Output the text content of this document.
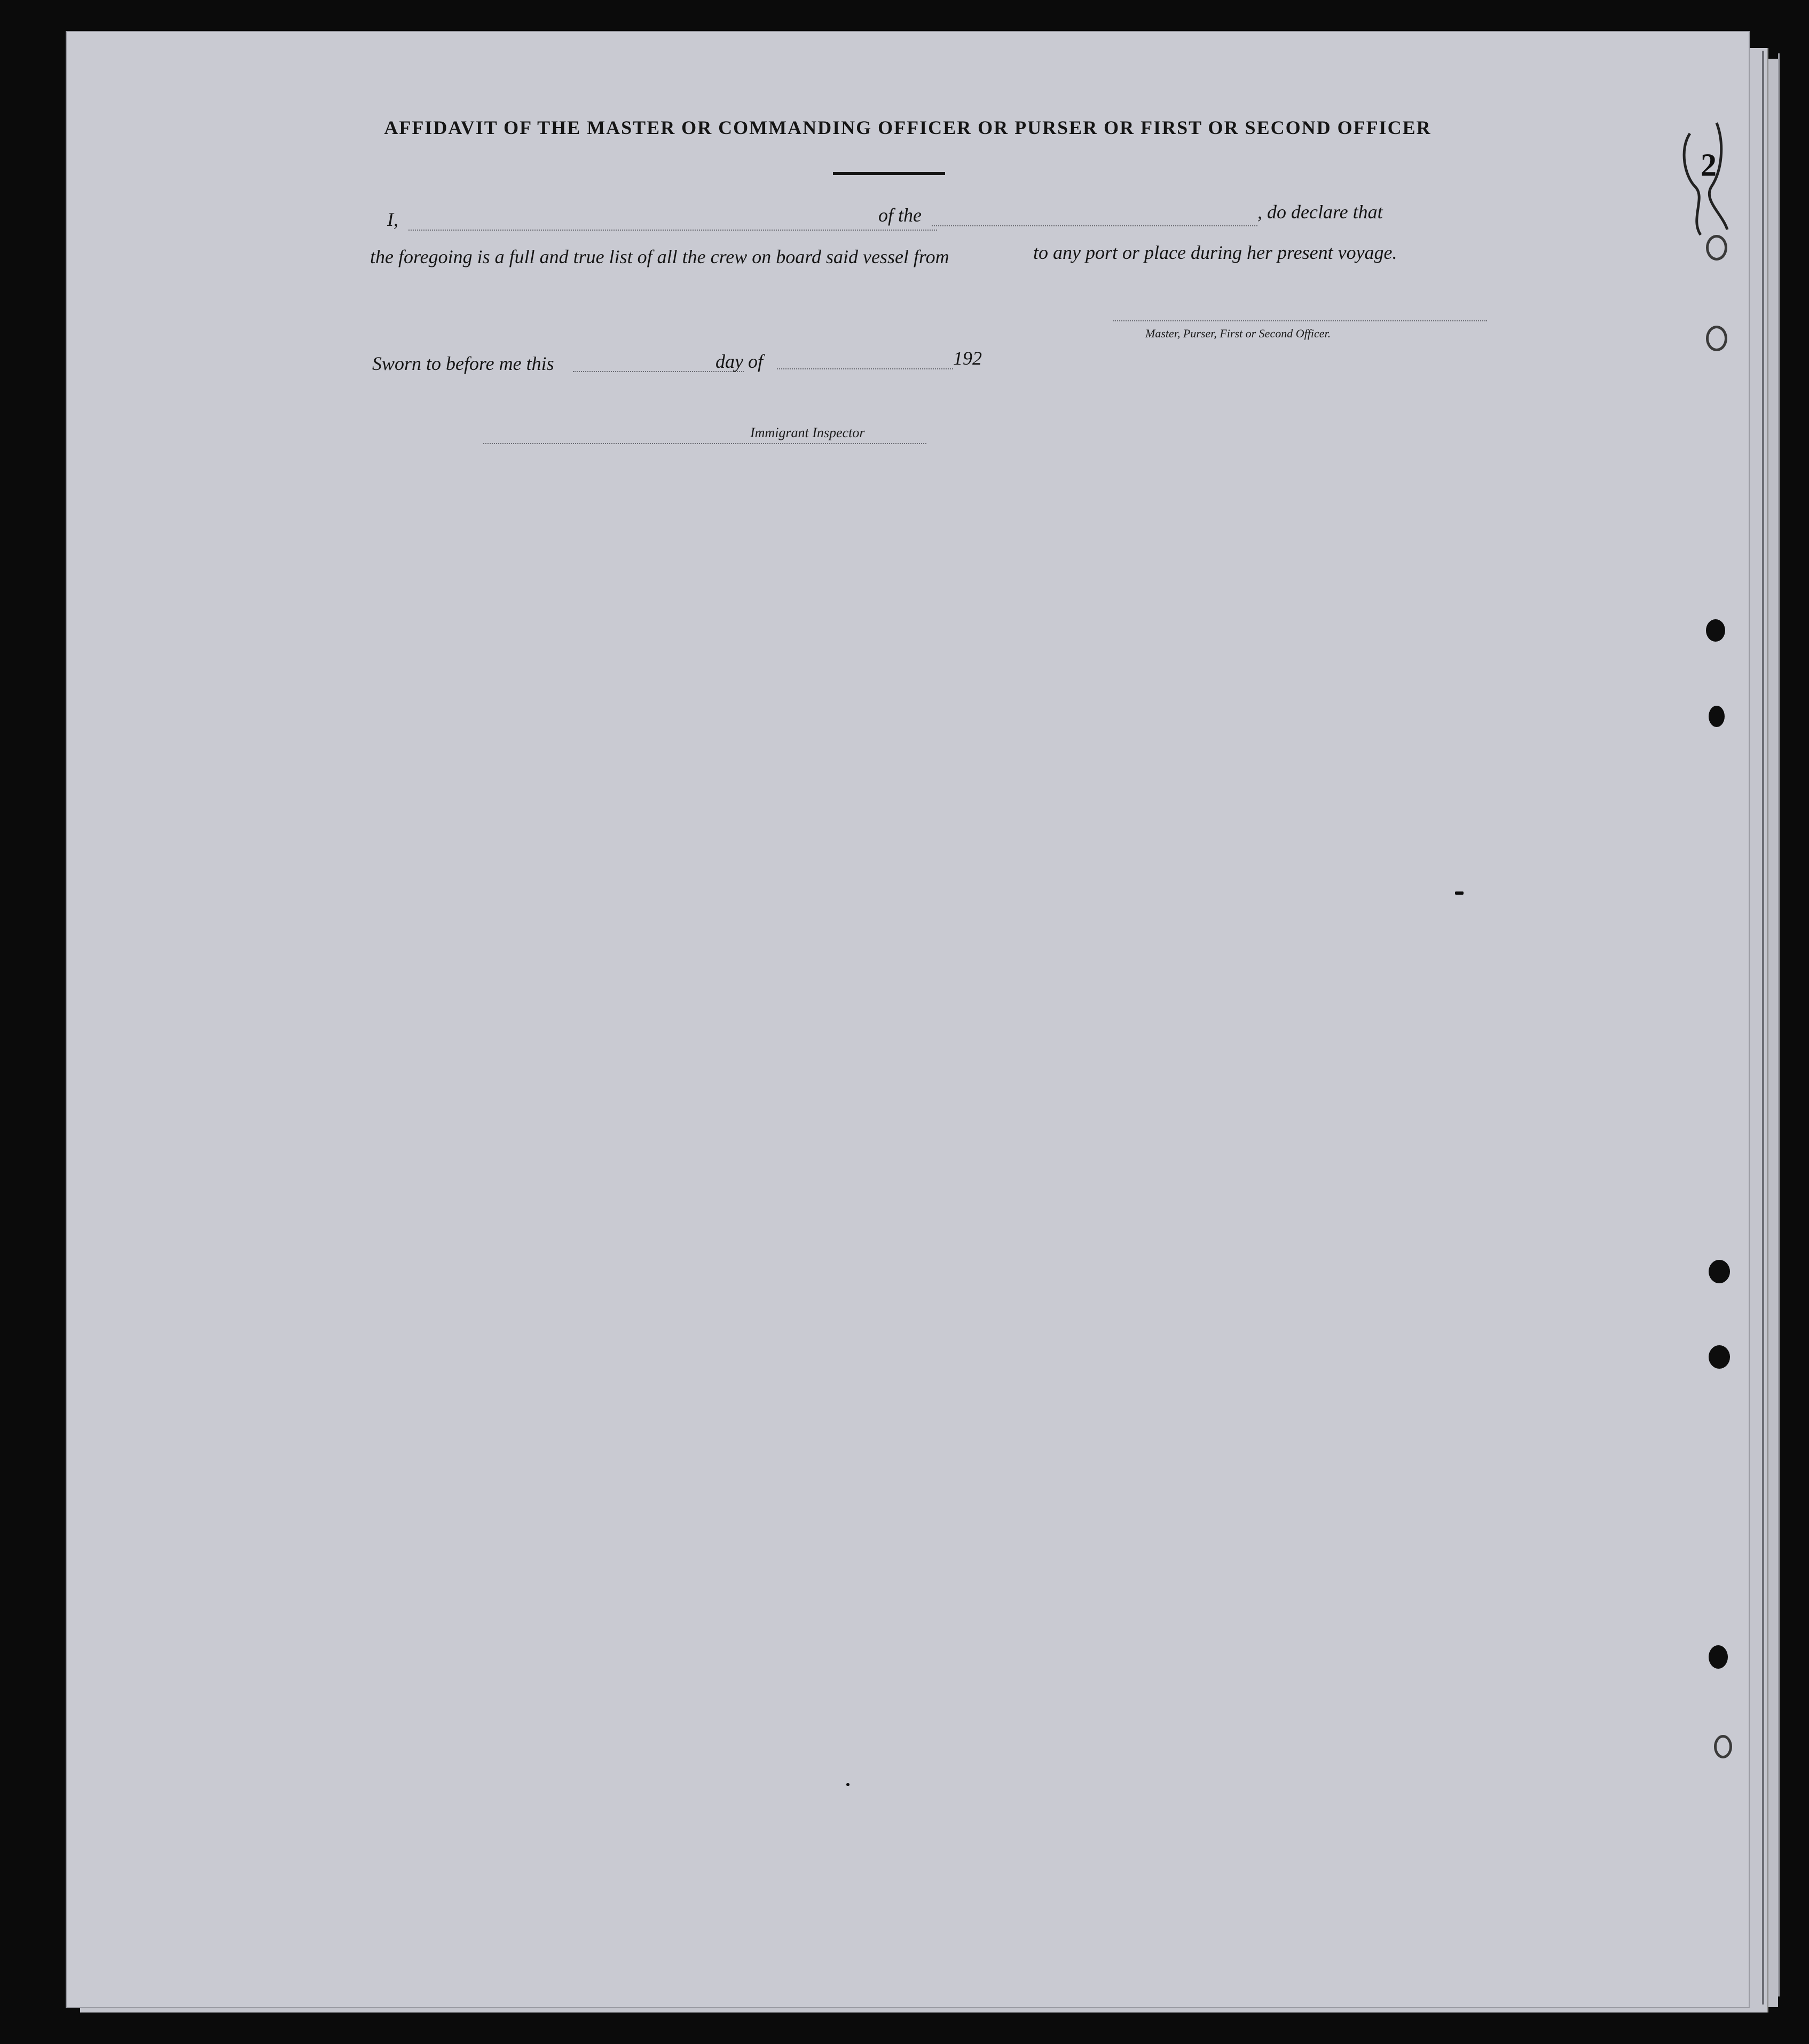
AFFIDAVIT OF THE MASTER OR COMMANDING OFFICER OR PURSER OR FIRST OR SECOND OFFICER
2
I,	of the	, do declare that
the foregoing is a full and true list of all the crew on board said vessel from	to any port or place during her present voyage.
Master, Purser, First or Second Officer.
Sworn to before me this	day of	192
Immigrant Inspector
